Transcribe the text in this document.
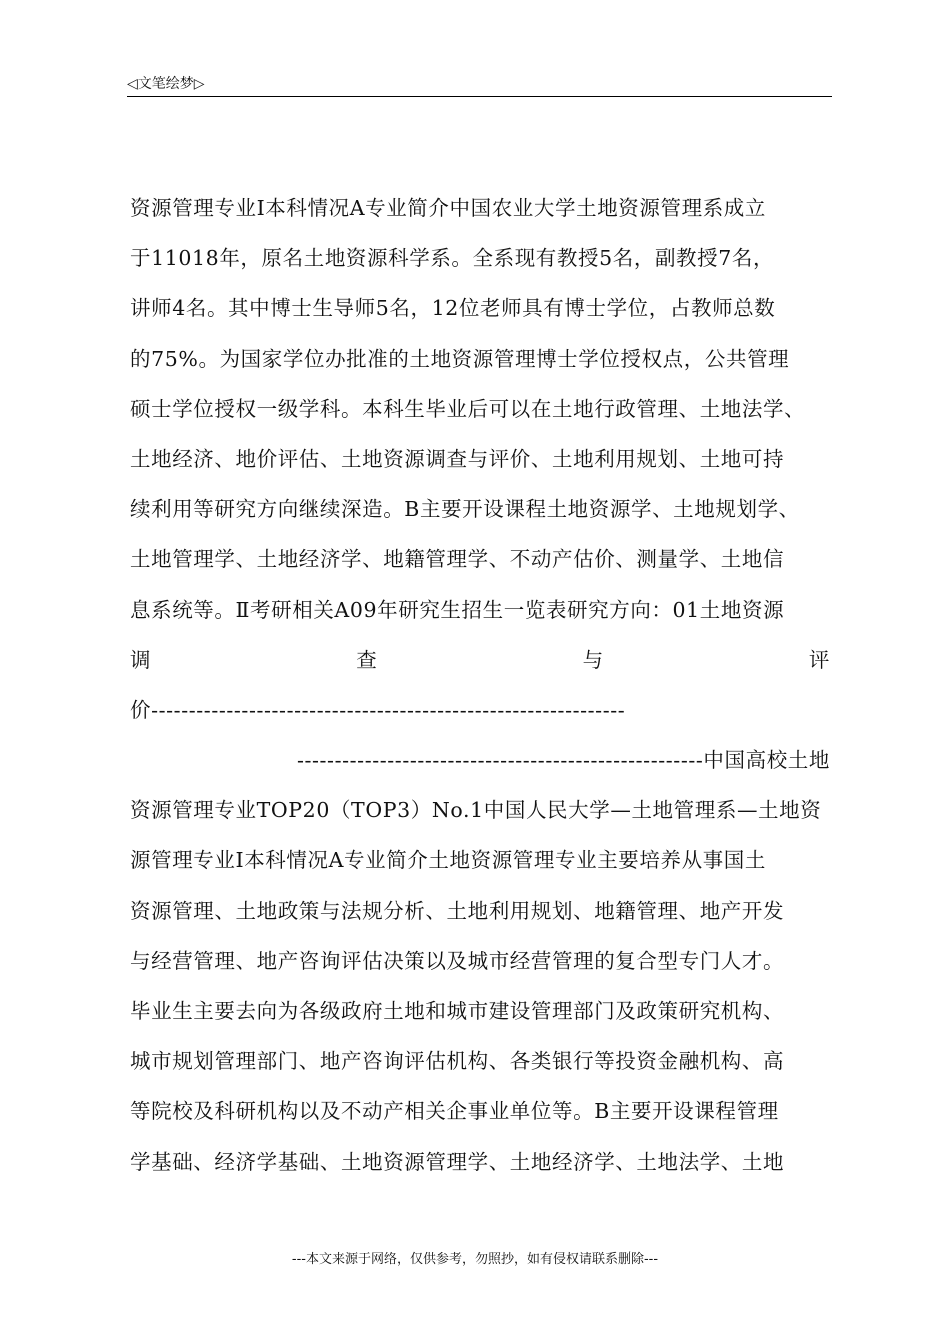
◁文笔绘梦▷
资源管理专业Ⅰ本科情况A专业简介中国农业大学土地资源管理系成立
于11018年，原名土地资源科学系。全系现有教授5名，副教授7名，
讲师4名。其中博士生导师5名，12位老师具有博士学位，占教师总数
的75%。为国家学位办批准的土地资源管理博士学位授权点，公共管理
硕士学位授权一级学科。本科生毕业后可以在土地行政管理、土地法学、
土地经济、地价评估、土地资源调查与评价、土地利用规划、土地可持
续利用等研究方向继续深造。B主要开设课程土地资源学、土地规划学、
土地管理学、土地经济学、地籍管理学、不动产估价、测量学、土地信
息系统等。Ⅱ考研相关A09年研究生招生一览表研究方向：01土地资源
调	查	与	评
价---------------------------------------------------------------
------------------------------------------------------中国高校土地
资源管理专业TOP20（TOP3）No.1中国人民大学—土地管理系—土地资
源管理专业Ⅰ本科情况A专业简介土地资源管理专业主要培养从事国土
资源管理、土地政策与法规分析、土地利用规划、地籍管理、地产开发
与经营管理、地产咨询评估决策以及城市经营管理的复合型专门人才。
毕业生主要去向为各级政府土地和城市建设管理部门及政策研究机构、
城市规划管理部门、地产咨询评估机构、各类银行等投资金融机构、高
等院校及科研机构以及不动产相关企事业单位等。B主要开设课程管理
学基础、经济学基础、土地资源管理学、土地经济学、土地法学、土地
---本文来源于网络，仅供参考，勿照抄，如有侵权请联系删除---
